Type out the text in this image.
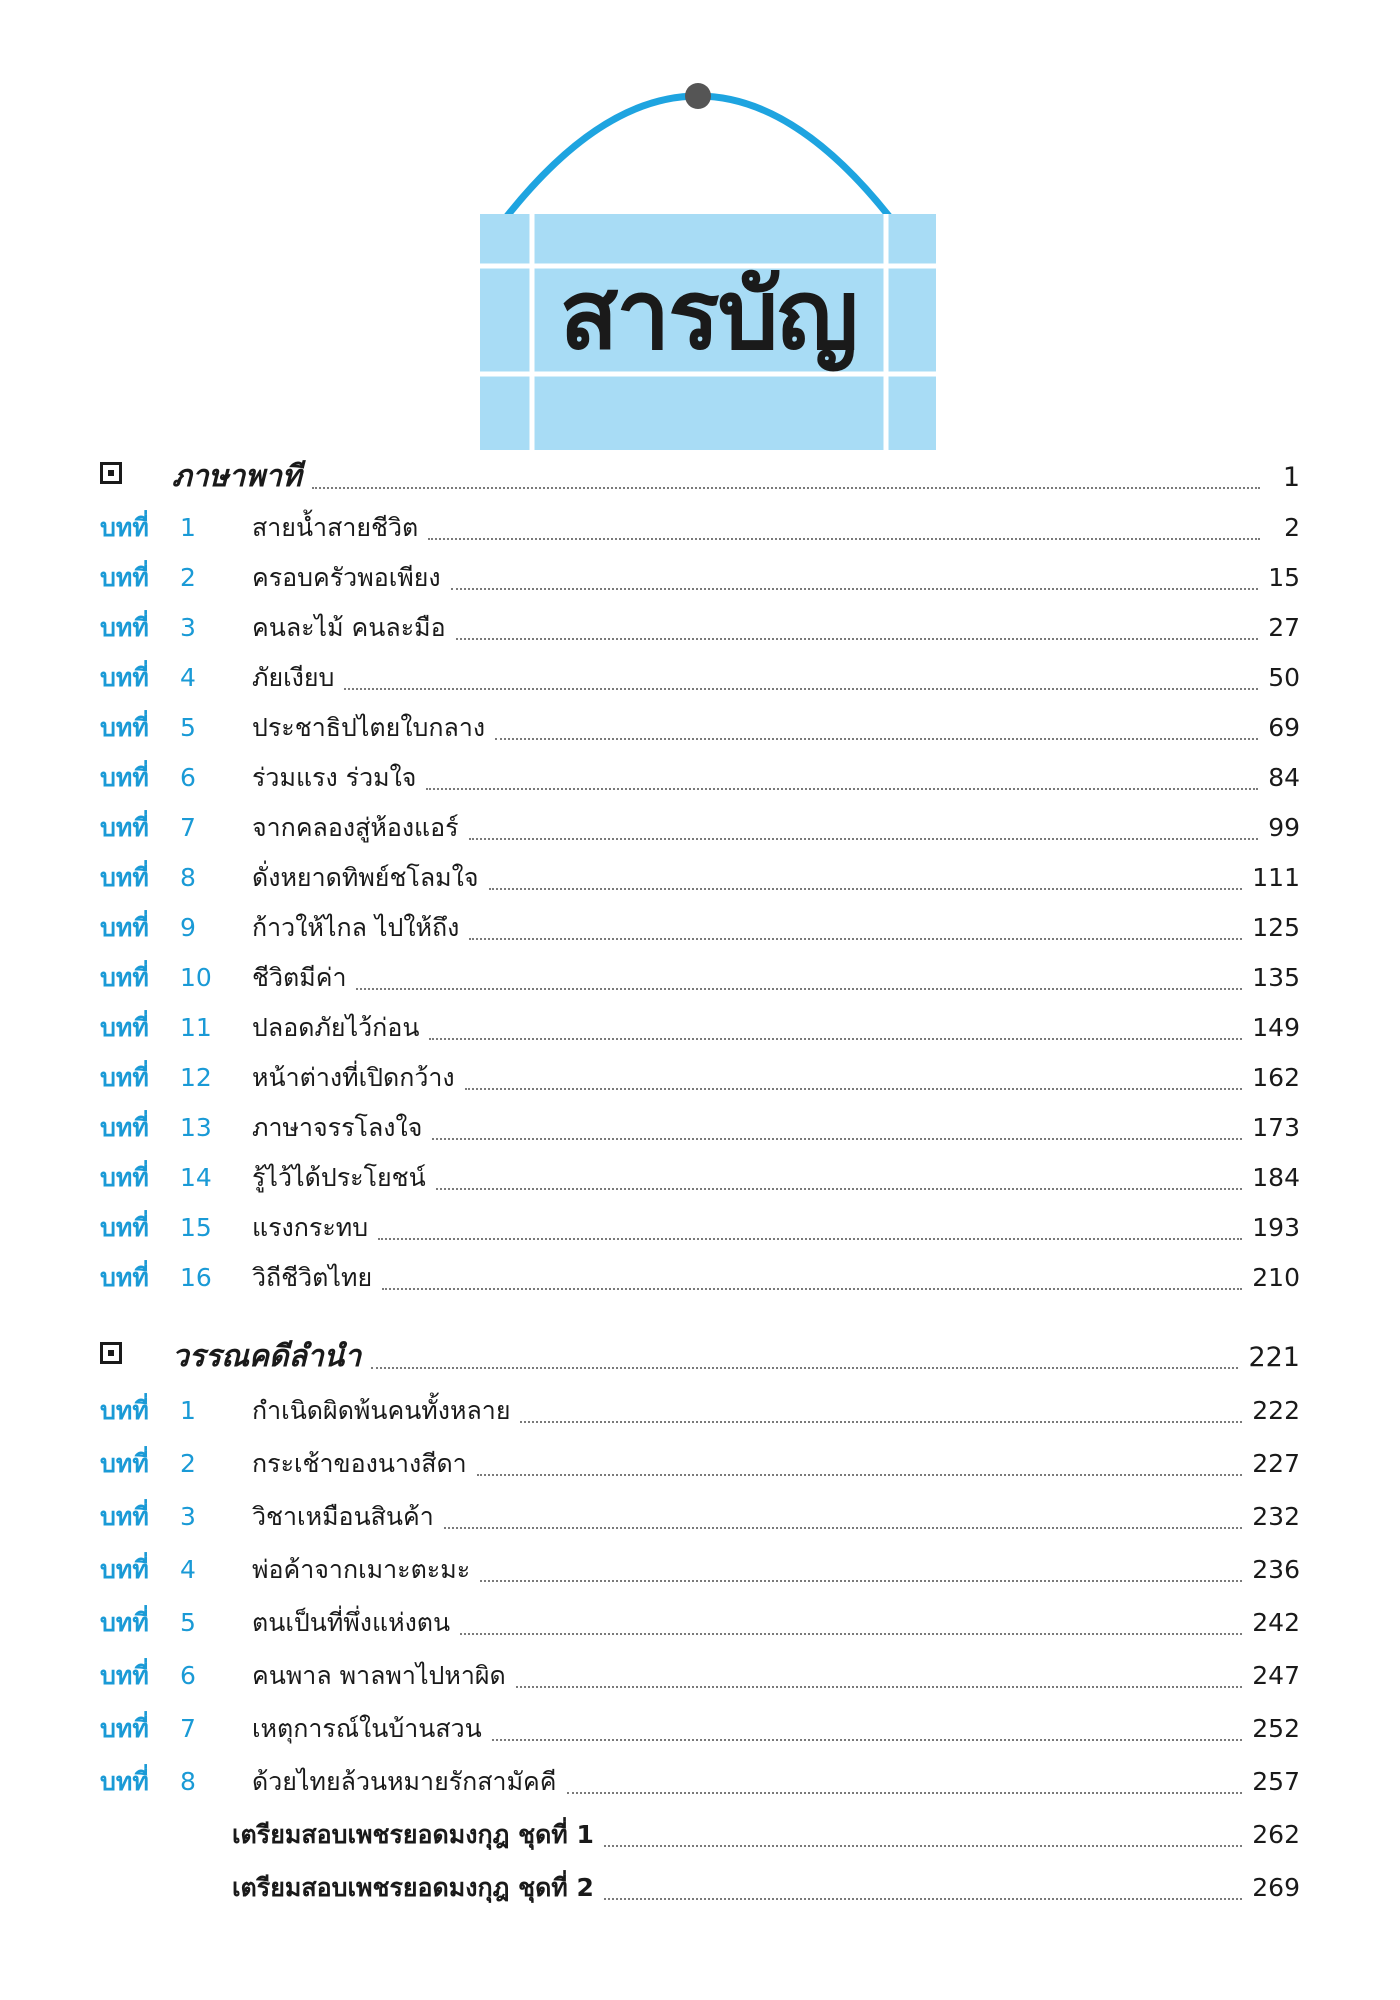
สารบัญ
ภาษาพาที	1
บทที่	1	สายน้ำสายชีวิต	2
บทที่	2	ครอบครัวพอเพียง	15
บทที่	3	คนละไม้ คนละมือ	27
บทที่	4	ภัยเงียบ	50
บทที่	5	ประชาธิปไตยใบกลาง	69
บทที่	6	ร่วมแรง ร่วมใจ	84
บทที่	7	จากคลองสู่ห้องแอร์	99
บทที่	8	ดั่งหยาดทิพย์ชโลมใจ	111
บทที่	9	ก้าวให้ไกล ไปให้ถึง	125
บทที่	10	ชีวิตมีค่า	135
บทที่	11	ปลอดภัยไว้ก่อน	149
บทที่	12	หน้าต่างที่เปิดกว้าง	162
บทที่	13	ภาษาจรรโลงใจ	173
บทที่	14	รู้ไว้ได้ประโยชน์	184
บทที่	15	แรงกระทบ	193
บทที่	16	วิถีชีวิตไทย	210
วรรณคดีลำนำ	221
บทที่	1	กำเนิดผิดพ้นคนทั้งหลาย	222
บทที่	2	กระเช้าของนางสีดา	227
บทที่	3	วิชาเหมือนสินค้า	232
บทที่	4	พ่อค้าจากเมาะตะมะ	236
บทที่	5	ตนเป็นที่พึ่งแห่งตน	242
บทที่	6	คนพาล พาลพาไปหาผิด	247
บทที่	7	เหตุการณ์ในบ้านสวน	252
บทที่	8	ด้วยไทยล้วนหมายรักสามัคคี	257
เตรียมสอบเพชรยอดมงกุฎ ชุดที่ 1	262
เตรียมสอบเพชรยอดมงกุฎ ชุดที่ 2	269
